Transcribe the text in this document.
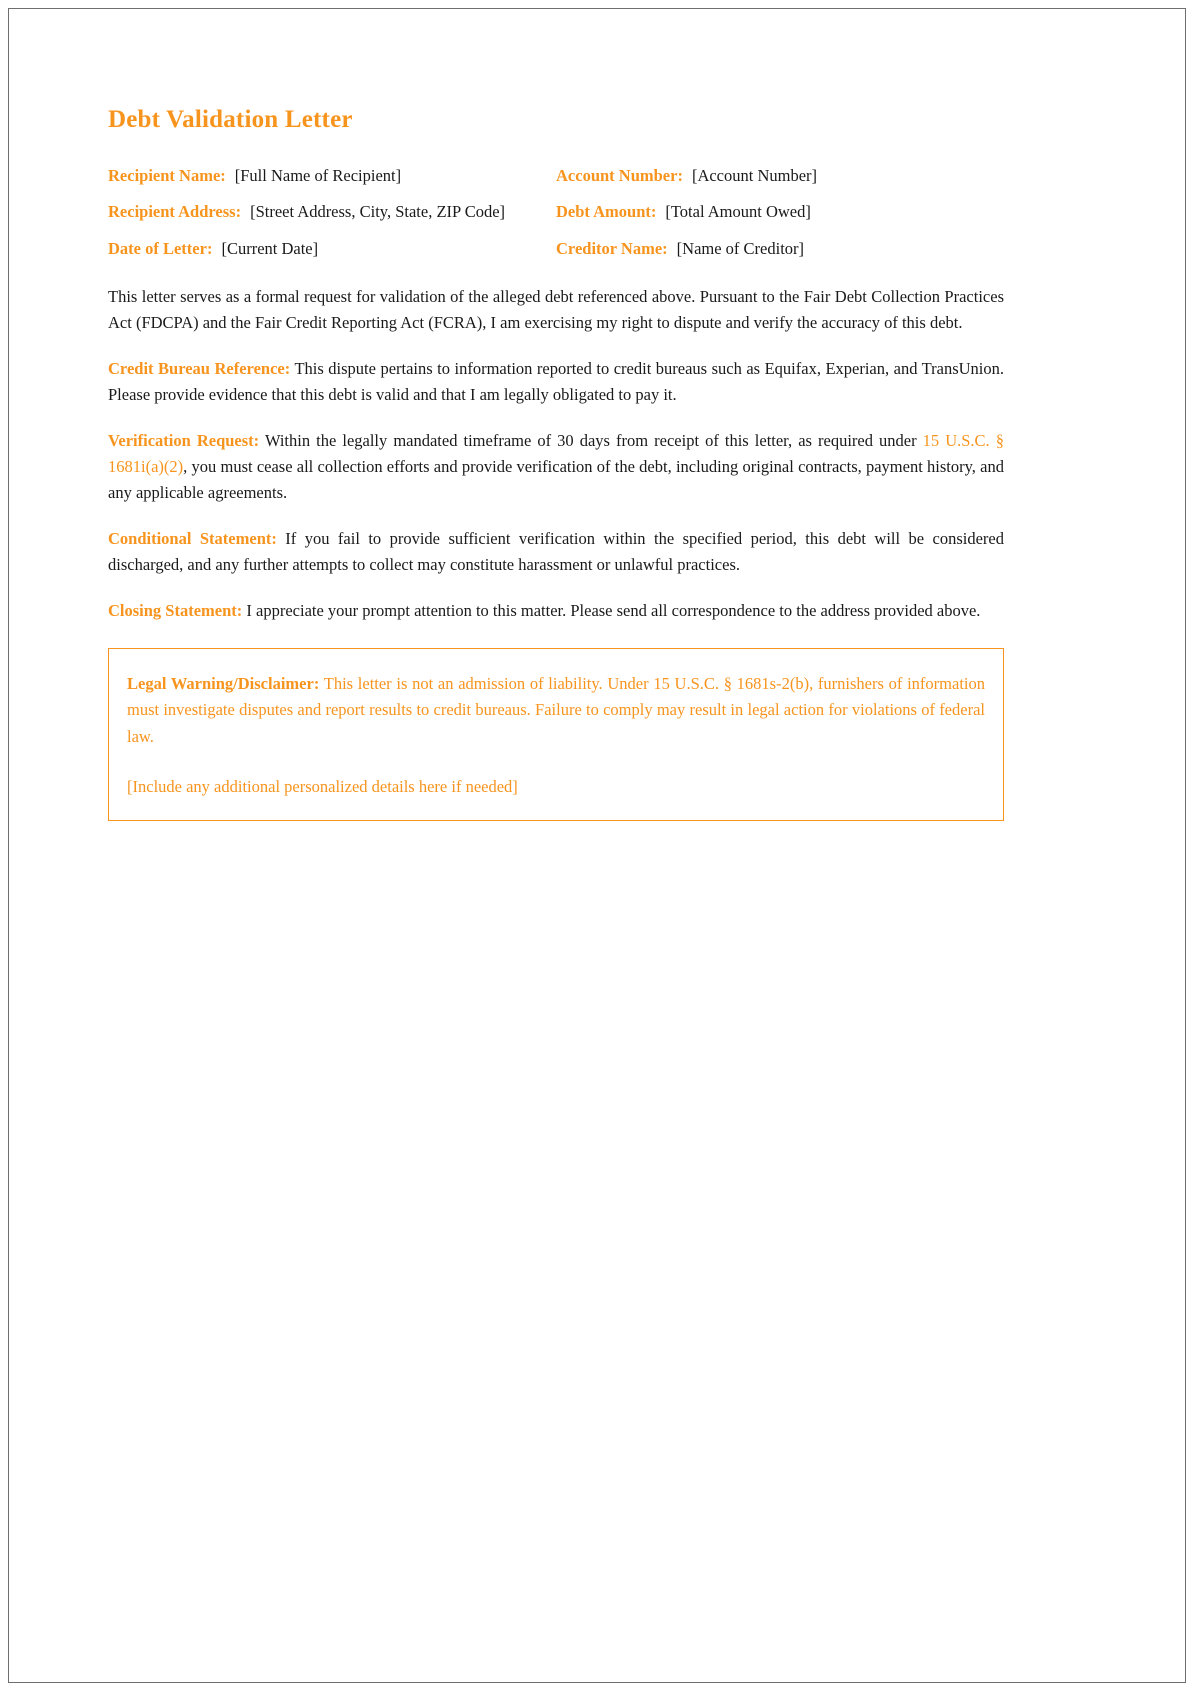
Debt Validation Letter
Recipient Name: [Full Name of Recipient]	Account Number: [Account Number]
Recipient Address: [Street Address, City, State, ZIP Code]	Debt Amount: [Total Amount Owed]
Date of Letter: [Current Date]	Creditor Name: [Name of Creditor]

This letter serves as a formal request for validation of the alleged debt referenced above. Pursuant to the Fair Debt Collection Practices Act (FDCPA) and the Fair Credit Reporting Act (FCRA), I am exercising my right to dispute and verify the accuracy of this debt.

Credit Bureau Reference: This dispute pertains to information reported to credit bureaus such as Equifax, Experian, and TransUnion. Please provide evidence that this debt is valid and that I am legally obligated to pay it.

Verification Request: Within the legally mandated timeframe of 30 days from receipt of this letter, as required under 15 U.S.C. § 1681i(a)(2), you must cease all collection efforts and provide verification of the debt, including original contracts, payment history, and any applicable agreements.

Conditional Statement: If you fail to provide sufficient verification within the specified period, this debt will be considered discharged, and any further attempts to collect may constitute harassment or unlawful practices.

Closing Statement: I appreciate your prompt attention to this matter. Please send all correspondence to the address provided above.

Legal Warning/Disclaimer: This letter is not an admission of liability. Under 15 U.S.C. § 1681s-2(b), furnishers of information must investigate disputes and report results to credit bureaus. Failure to comply may result in legal action for violations of federal law.

[Include any additional personalized details here if needed]
